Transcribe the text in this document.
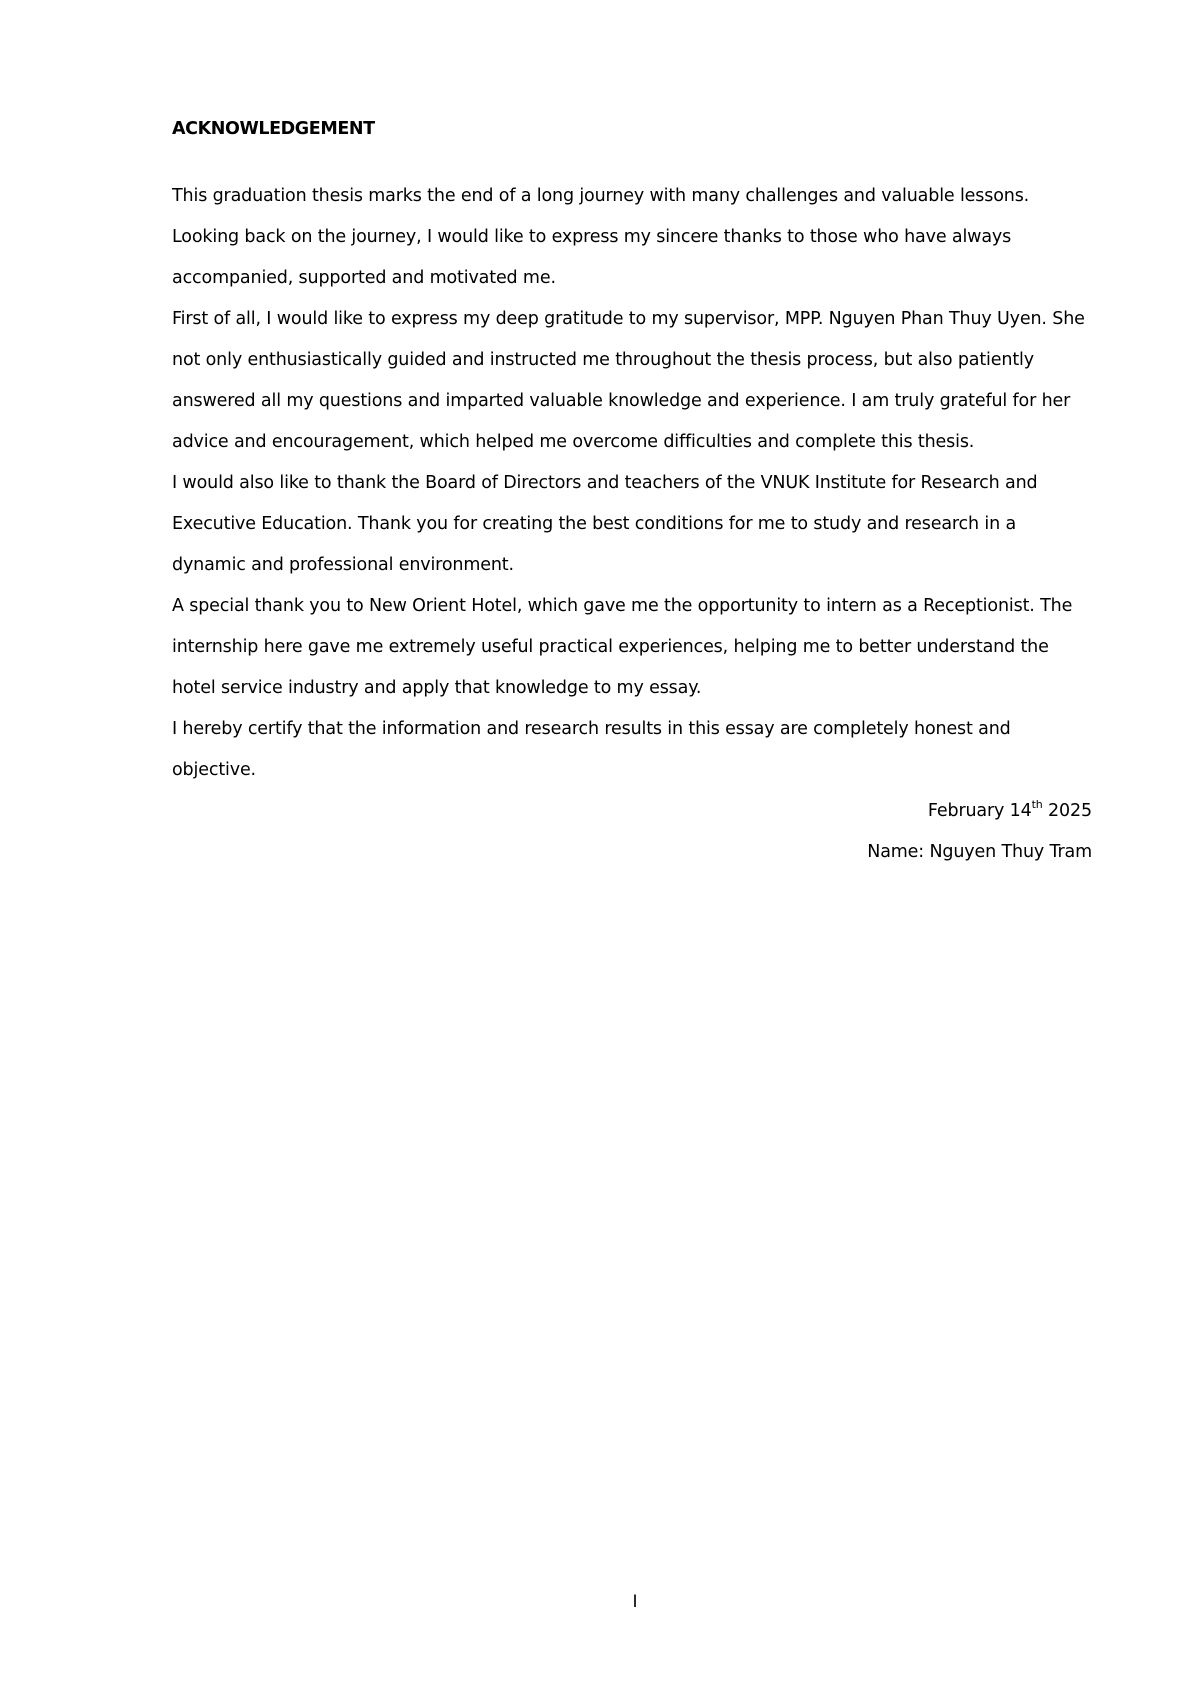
ACKNOWLEDGEMENT

This graduation thesis marks the end of a long journey with many challenges and valuable lessons. Looking back on the journey, I would like to express my sincere thanks to those who have always accompanied, supported and motivated me.

First of all, I would like to express my deep gratitude to my supervisor, MPP. Nguyen Phan Thuy Uyen. She not only enthusiastically guided and instructed me throughout the thesis process, but also patiently answered all my questions and imparted valuable knowledge and experience. I am truly grateful for her advice and encouragement, which helped me overcome difficulties and complete this thesis.

I would also like to thank the Board of Directors and teachers of the VNUK Institute for Research and Executive Education. Thank you for creating the best conditions for me to study and research in a dynamic and professional environment.

A special thank you to New Orient Hotel, which gave me the opportunity to intern as a Receptionist. The internship here gave me extremely useful practical experiences, helping me to better understand the hotel service industry and apply that knowledge to my essay.

I hereby certify that the information and research results in this essay are completely honest and objective.

February 14th 2025

Name: Nguyen Thuy Tram

I
